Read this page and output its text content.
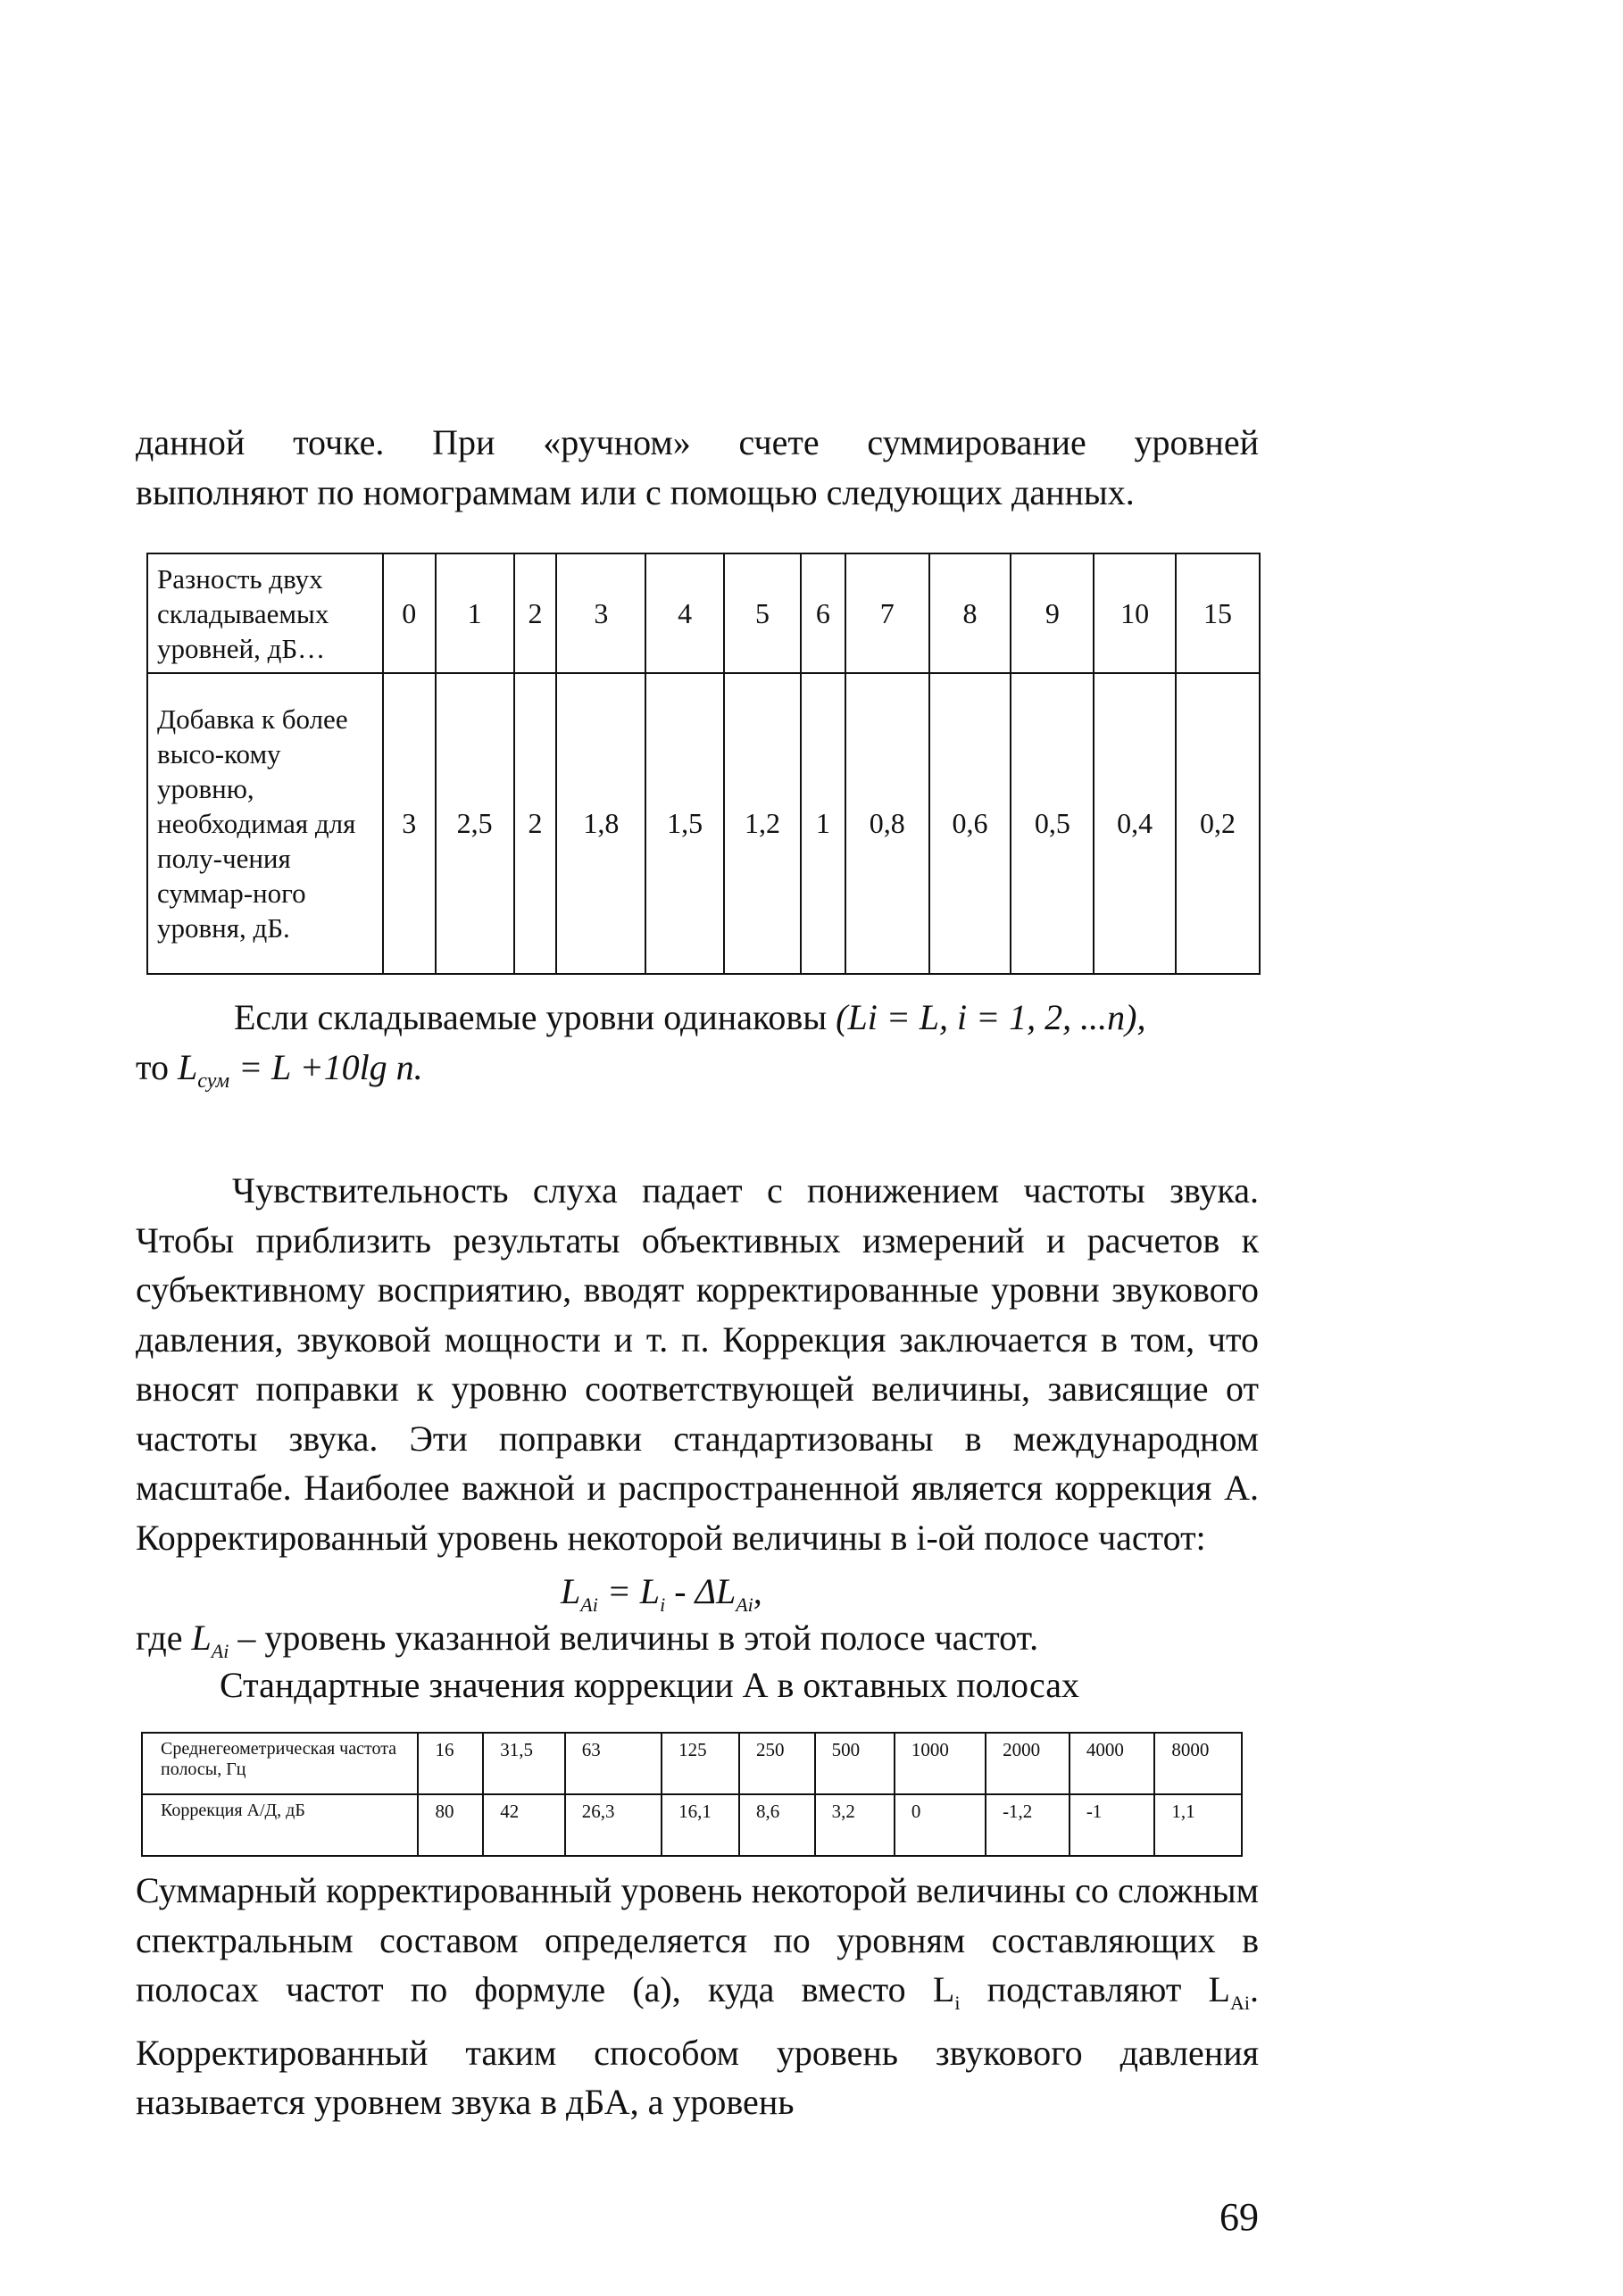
данной точке. При «ручном» счете суммирование уровней
выполняют по номограммам или с помощью следующих данных.
Разность двух складываемых уровней, дБ…	0	1	2	3	4	5	6	7	8	9	10	15
Добавка к более высо-кому уровню, необходимая для полу-чения суммар-ного уровня, дБ.	3	2,5	2	1,8	1,5	1,2	1	0,8	0,6	0,5	0,4	0,2
Если складываемые уровни одинаковы (Li = L, i = 1, 2, ...n),
то $L_{сум} = L +10\lg$ n.
Чувствительность слуха падает с понижением частоты звука. Чтобы приблизить результаты объективных измерений и расчетов к субъективному восприятию, вводят корректированные уровни звукового давления, звуковой мощности и т. п. Коррекция заключается в том, что вносят поправки к уровню соответствующей величины, зависящие от частоты звука. Эти поправки стандартизованы в международном масштабе. Наиболее важной и распространенной является коррекция А. Корректированный уровень некоторой величины в i-ой полосе частот:
$L_{Ai} = L_i - \Delta L_{Ai}$,
где $L_{Ai}$ – уровень указанной величины в этой полосе частот.
Стандартные значения коррекции А в октавных полосах
Среднегеометрическая частота полосы, Гц	16	31,5	63	125	250	500	1000	2000	4000	8000
Коррекция А/Д, дБ	80	42	26,3	16,1	8,6	3,2	0	-1,2	-1	1,1
Суммарный корректированный уровень некоторой величины со сложным спектральным составом определяется по уровням составляющих в полосах частот по формуле (а), куда вместо $L_i$ подставляют $L_{Ai}$. Корректированный таким способом уровень звукового давления называется уровнем звука в дБА, а уровень
69
